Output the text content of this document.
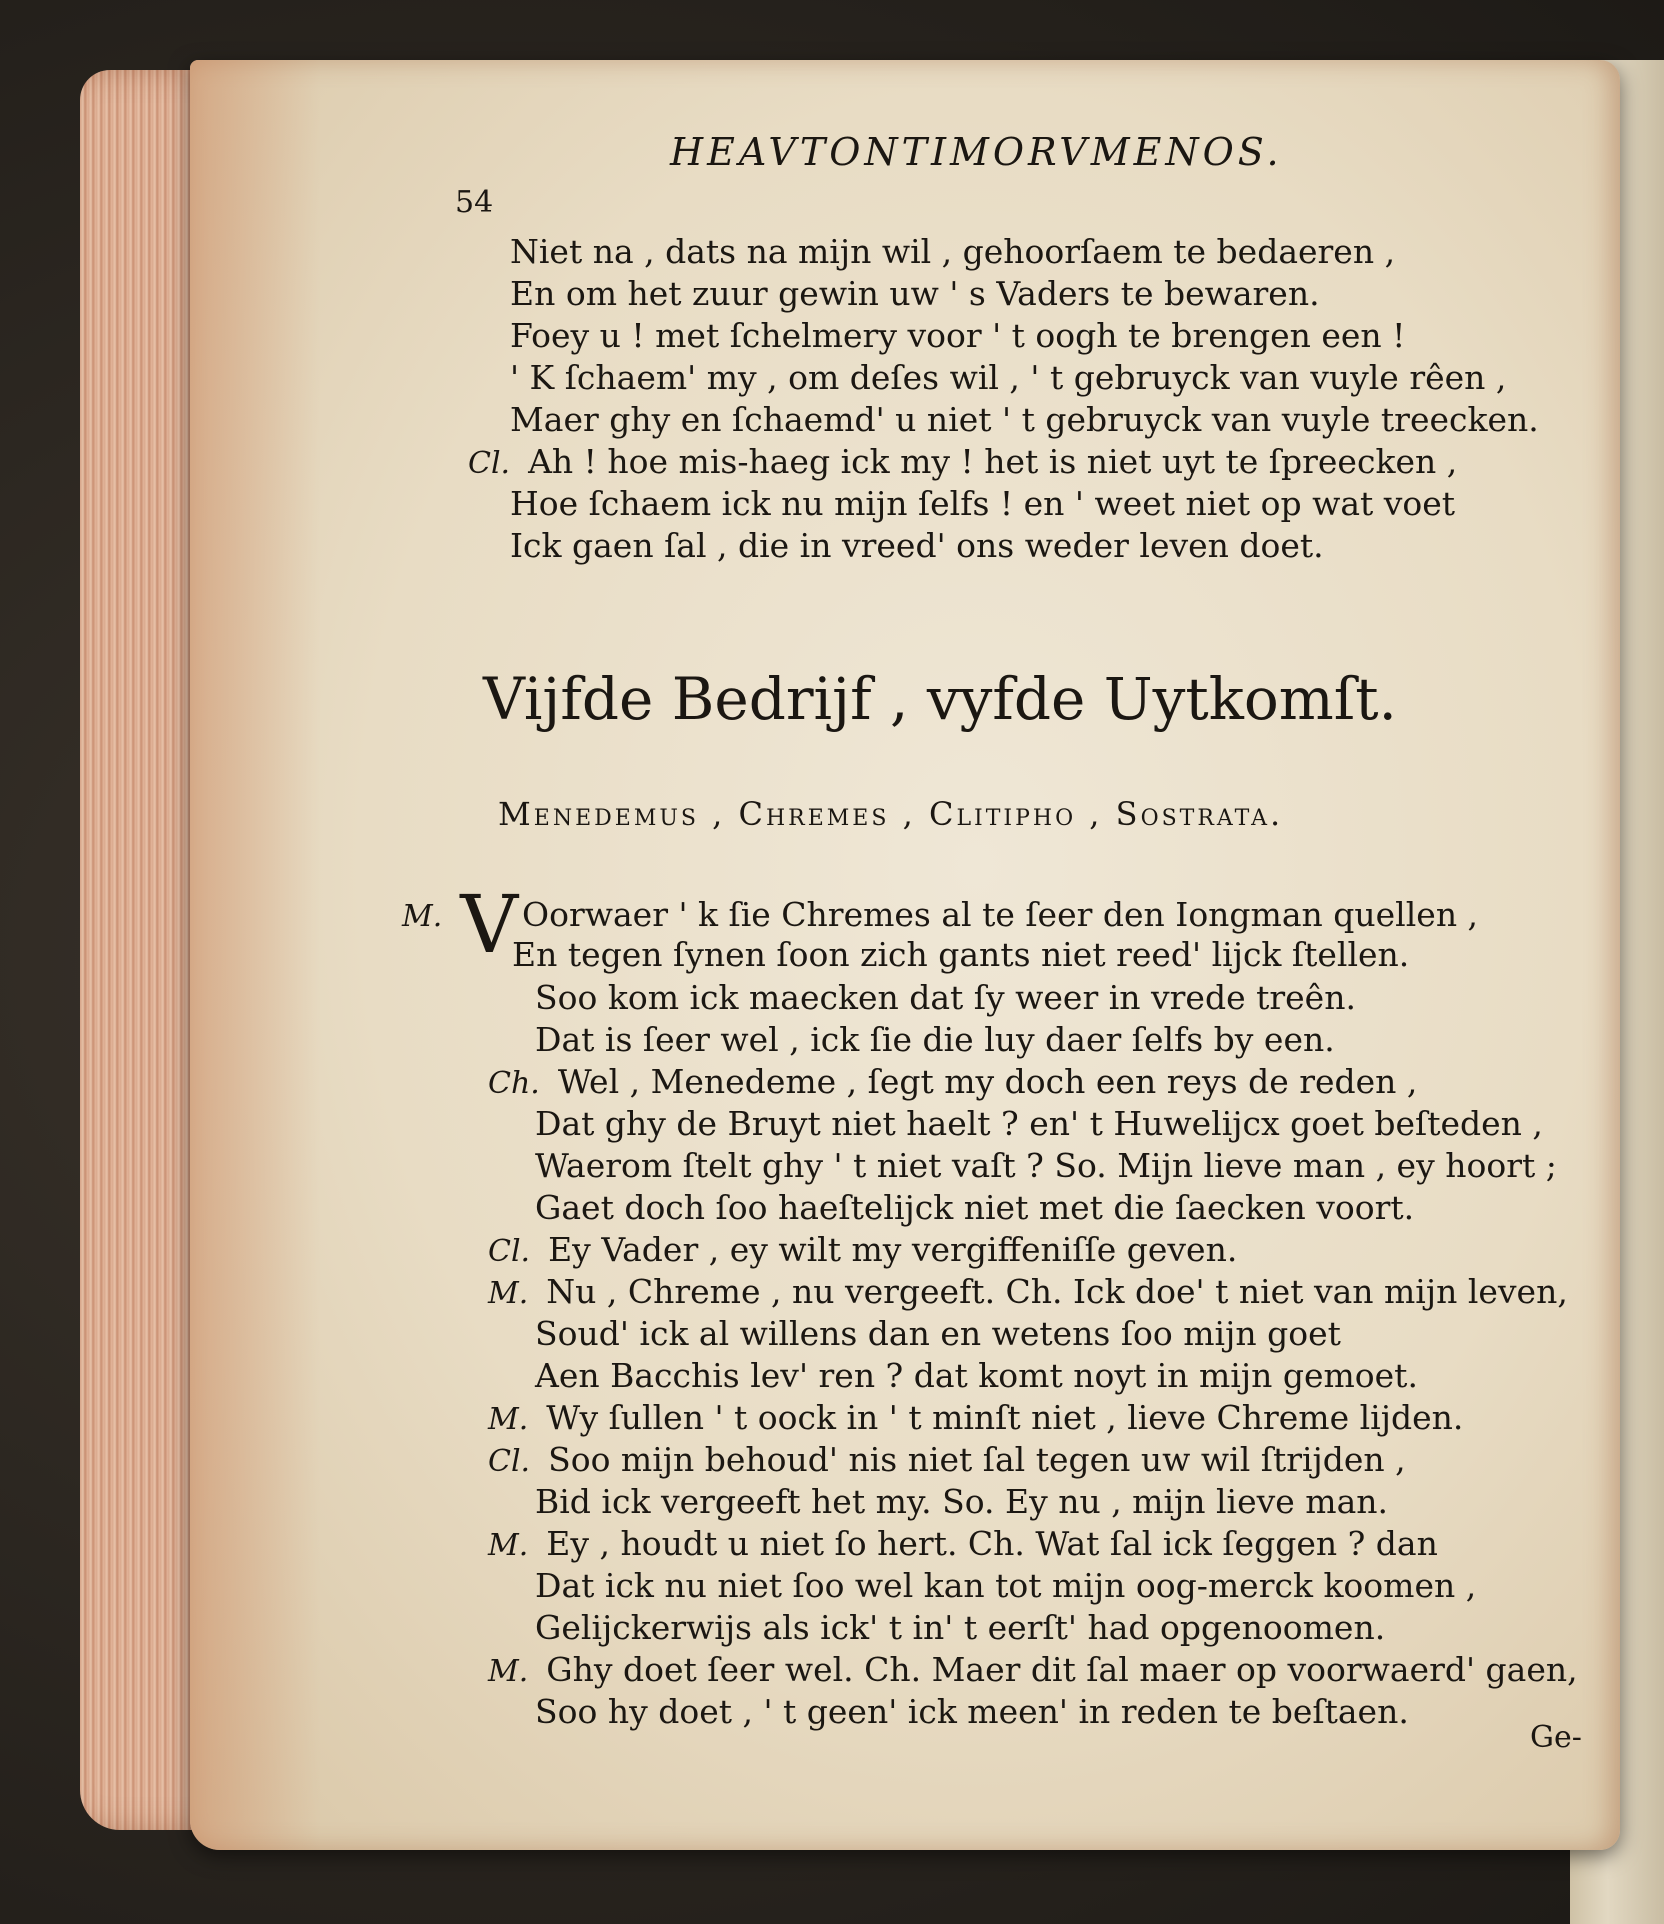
HEAVTONTIMORVMENOS.
54
Niet na , dats na mijn wil , gehoorſaem te bedaeren ,
En om het zuur gewin uw ' s Vaders te bewaren.
Foey u ! met ſchelmery voor ' t oogh te brengen een !
' K ſchaem' my , om deſes wil , ' t gebruyck van vuyle rêen ,
Maer ghy en ſchaemd' u niet ' t gebruyck van vuyle treecken.
Cl. Ah ! hoe mis-haeg ick my ! het is niet uyt te ſpreecken ,
Hoe ſchaem ick nu mijn ſelfs ! en ' weet niet op wat voet
Ick gaen ſal , die in vreed' ons weder leven doet.
Vijfde Bedrijf , vyfde Uytkomſt.
Menedemus , Chremes , Clitipho , Sostrata.
M. V Oorwaer ' k ſie Chremes al te ſeer den Iongman quellen ,
En tegen ſynen ſoon zich gants niet reed' lijck ſtellen.
Soo kom ick maecken dat ſy weer in vrede treên.
Dat is ſeer wel , ick ſie die luy daer ſelfs by een.
Ch. Wel , Menedeme , ſegt my doch een reys de reden ,
Dat ghy de Bruyt niet haelt ? en' t Huwelijcx goet beſteden ,
Waerom ſtelt ghy ' t niet vaſt ? So. Mijn lieve man , ey hoort ;
Gaet doch ſoo haeſtelijck niet met die ſaecken voort.
Cl. Ey Vader , ey wilt my vergiffeniſſe geven.
M. Nu , Chreme , nu vergeeft. Ch. Ick doe' t niet van mijn leven,
Soud' ick al willens dan en wetens ſoo mijn goet
Aen Bacchis lev' ren ? dat komt noyt in mijn gemoet.
M. Wy ſullen ' t oock in ' t minſt niet , lieve Chreme lijden.
Cl. Soo mijn behoud' nis niet ſal tegen uw wil ſtrijden ,
Bid ick vergeeft het my. So. Ey nu , mijn lieve man.
M. Ey , houdt u niet ſo hert. Ch. Wat ſal ick ſeggen ? dan
Dat ick nu niet ſoo wel kan tot mijn oog-merck koomen ,
Gelijckerwijs als ick' t in' t eerſt' had opgenoomen.
M. Ghy doet ſeer wel. Ch. Maer dit ſal maer op voorwaerd' gaen,
Soo hy doet , ' t geen' ick meen' in reden te beſtaen.
Ge-
